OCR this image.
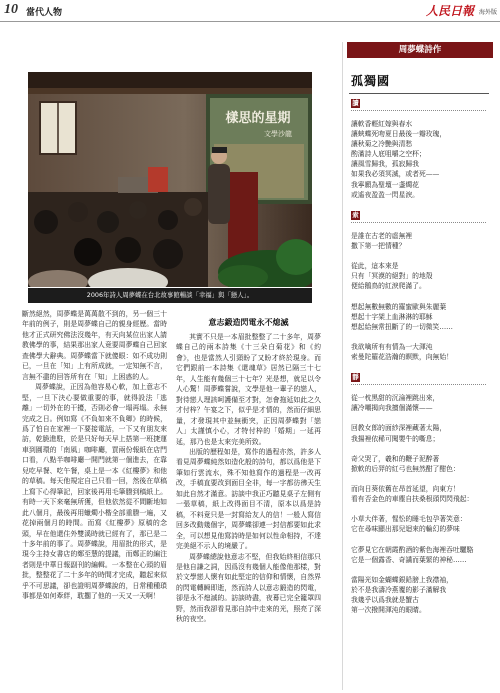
10 當代人物	人民日報 海外版
樣思的星期
文學沙龍
2006年詩人周夢蝶在台北故事館暢談「幸福」與「戀人」。

斷然絕然，周夢蝶是萬萬散不到的，另一個三十年前的例子，則是周夢蝶自己的親身經歷。當時他才正式研究佛法沒幾年，有天向某位出家人請教佛學的事，結果那出家人竟要周夢蝶自己回家查佛學大辭典。周夢蝶當下就傻眼：如不成功則已，一旦在「知」上有所成就，一定知無不言，言無不盡的回答所有在「知」上困惑的人。

周夢蝶說，正因為他容易心軟，加上意志不堅，一旦下決心要做重要的事，就得設法「逃離」一切外在的干擾，否則必會一塌再塌。永無完成之日。例如寫《不負如來不負卿》的時候，爲了怕自在家裡一下要接電話，一下又有朋友來訪，乾脆進駐，於是只好每天早上搭第一班捷運車到圓環的「南風」咖啡廳，買兩份報紙在店門口看，八點半咖啡廳一開門就第一個進去，在靠兒吃早餐、吃午餐，桌上是一本《紅樓夢》和他的草稿。每天他規定自己只看一回，然後在草稿上寫下心得筆記，回家後再用毛筆謄到稿紙上。有時一天下來毫無所獲，但他依然從不間斷地如此八個月，最後再用蠟燭小楷全部重謄一遍，又花掉兩個月的時間。而寫《紅樓夢》原稿的念頭，早在他還住外雙溪時就已經有了，那已是二十多年前的事了。周夢蝶說，用眉批的形式，是現今主持女書店的鄭至慧的提議，而鄭正的編注者則是中華日報副刊的編輯。一本整在心頭的眉批，整整花了二十多年的時間才完成，聽起來似乎不可思議，卻也證明周夢蝶說的，日常種種瑣事都是如何牽絆，耽擱了他的一天又一天啊！

意志鍛造閃電永不熄滅

其實不只是一本眉批整整了二十多年，周夢蝶自己的兩本詩集《十三朵白菊花》和《約會》，也是當然人引頸盼了又盼才終於現身。而它們跟前一本詩集《還魂草》居然已隔三十七年，人生能有幾個三十七年？光是想，就足以令人心驚！周夢蝶嘗說，文學是他一輩子的戀人，對待戀人理該呵護備至才對，怎會拖延如此之久才付梓？午宴之下，似乎是才情的，然而仔細思量，才發現其中並無衝突，正因周夢蝶對「戀人」太謹慎小心，才特付梓的「婚期」一延再延，那乃也是太來完美所致。

出版的歷程如是，寫作的過程亦然，許多人看見周夢蝶純然如造化般的詩句，都以爲他是下筆如行雲流水，殊不知他寫作的過程是一改再改，手稿直要改到面目全非，每一字都彷彿天生如此自然才滿意。訪談中我正巧聽見桌子左側有一張草稿，紙上改得面目不清，原本以爲是詩稿，不料竟只是一封寫給友人的信！一般人寫信回多改動幾個字，周夢蝶卻連一封信都要如此求全，可以想見他寫詩時是如何以性命相持，不達完美絕不示人的境嚴了。

周夢蝶總說他意志不堅，但我始終相信那只是他自謙之詞，因爲沒有幾個人能像他那樣，對於文學戀人懷有如此堅定的信仰和情懷，自然界的閃電轉瞬即逝，然而詩人以意志鍛造的閃電，卻是永不熄滅的。訪談時盡，夜幕已完全籠罩四野，然而我卻看見那自詩中走來的光，照亮了深秋的夜空。

周夢蝶詩作
孤獨國
讀
讓軟香輕紅嫁與春水
讓蛺蝶死吻夏日最後一瓣玫瑰，
讓秋菊之冷艷與清愁
酌滿詩人底咀嚼之空杯；
讓風雪歸我，孤寂歸我
如果我必須冥滅，或者死——
我寧願為聖壇一盞燭花
或遙夜盈盈一閃星淚。
索
是誰在古老的虛無裡
撒下第一把情種？
從此，這本來是
只有「冥漠的絕對」的地殼
便給鵝鳥的紅淚爬滿了。
想起無數無數的羅蜜歐與朱麗葉
想起十字架上血淋淋的耶穌
想起給無常扭斷了的一切微笑……
我欲噙所有有情為一大渾沌
索曼陀羅花浩瀚的瞑默，向無始！
靜
從一枕黑甜的沉淪裡跳出來，
讓冷嘲揭向我擅個滿懷——
回教女郎的面紗深裡藏著太陽，
我揚裡依稀可聞嬰牛的嘶息；
奇父哭了，羲和的鞭子泥醉著
掀軟的后羿的紅弓也無然酣了酣色：
而向日葵依舊在昂首延望，向東方！
看有否金色的車塵自扶桑根頭閃閃飛起：
小草大伴著，惺忪的睡毛包孕著笑意：
它在尋味顯出那兒迴來的輪幻的夢味
它夢見它在朝霞酌酒的紫色海裡吞吐驪駱
它是一個露香、奇譎而葉繁的神秘……
當陽光如金蝴蝶銀鉛膀上我襟袖，
於不是我濤冷燕覆的影子滿解我
我幾乎以爲我就是蟹古
第一次撥開渾沌的眼睛。
